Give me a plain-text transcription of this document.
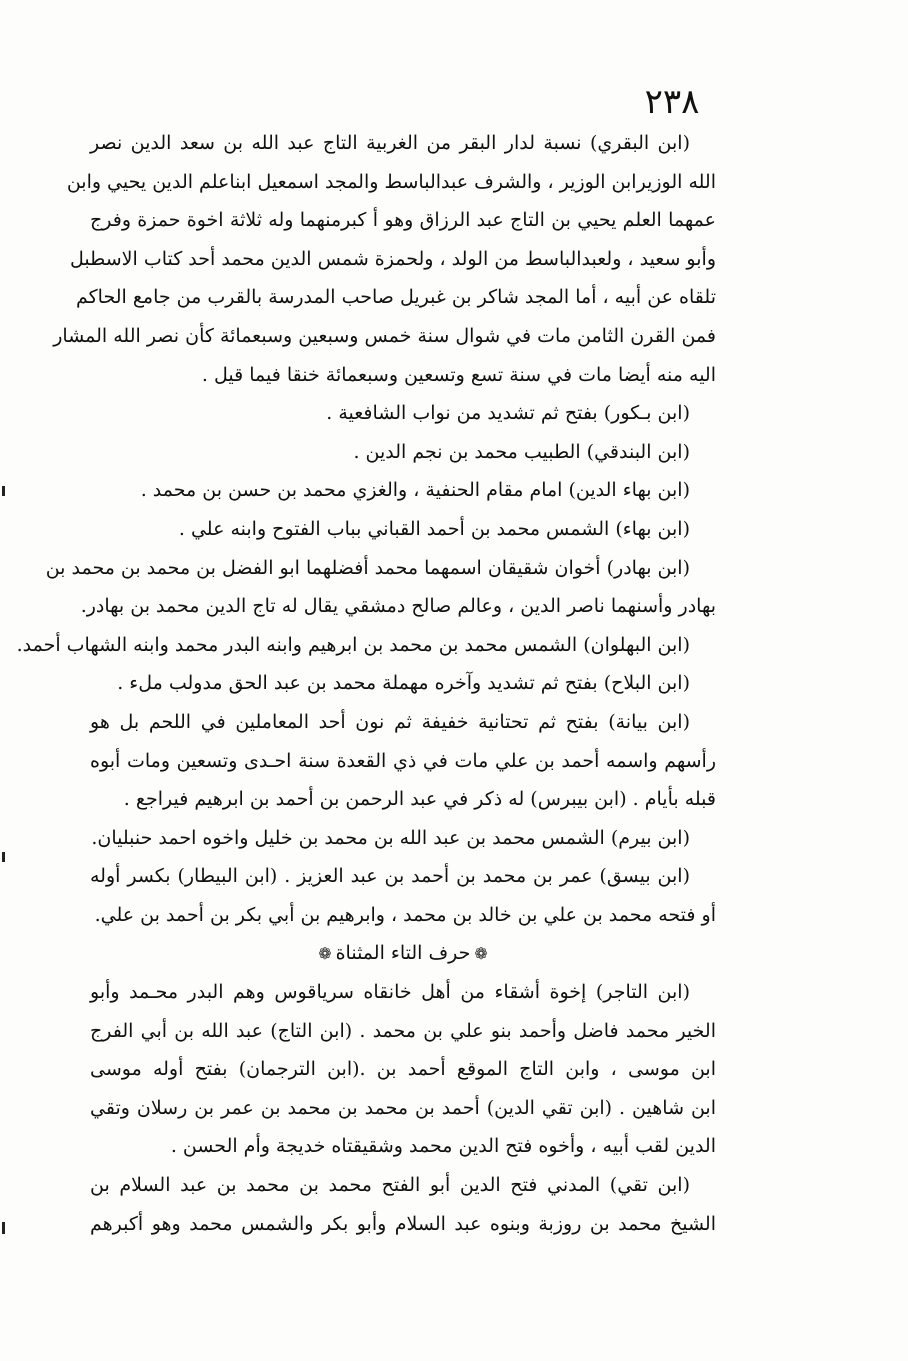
٢٣٨
(ابن البقري) نسبة لدار البقر من الغربية التاج عبد الله بن سعد الدين نصر
الله الوزيرابن الوزير ، والشرف عبدالباسط والمجد اسمعيل ابناعلم الدين يحيي وابن
عمهما العلم يحيي بن التاج عبد الرزاق وهو أ كبرمنهما وله ثلاثة اخوة حمزة وفرج
وأبو سعيد ، ولعبدالباسط من الولد ، ولحمزة شمس الدين محمد أحد كتاب الاسطبل
تلقاه عن أبيه ، أما المجد شاكر بن غبريل صاحب المدرسة بالقرب من جامع الحاكم
فمن القرن الثامن مات في شوال سنة خمس وسبعين وسبعمائة كأن نصر الله المشار
اليه منه أيضا مات في سنة تسع وتسعين وسبعمائة خنقا فيما قيل .
(ابن بـكور) بفتح ثم تشديد من نواب الشافعية .
(ابن البندقي) الطبيب محمد بن نجم الدين .
(ابن بهاء الدين) امام مقام الحنفية ، والغزي محمد بن حسن بن محمد .
(ابن بهاء) الشمس محمد بن أحمد القباني بباب الفتوح وابنه علي .
(ابن بهادر) أخوان شقيقان اسمهما محمد أفضلهما ابو الفضل بن محمد بن محمد بن
بهادر وأسنهما ناصر الدين ، وعالم صالح دمشقي يقال له تاج الدين محمد بن بهادر.
(ابن البهلوان) الشمس محمد بن محمد بن ابرهيم وابنه البدر محمد وابنه الشهاب أحمد.
(ابن البلاح) بفتح ثم تشديد وآخره مهملة محمد بن عبد الحق مدولب ملء .
(ابن بيانة) بفتح ثم تحتانية خفيفة ثم نون أحد المعاملين في اللحم بل هو
رأسهم واسمه أحمد بن علي مات في ذي القعدة سنة احـدى وتسعين ومات أبوه
قبله بأيام . (ابن بيبرس) له ذكر في عبد الرحمن بن أحمد بن ابرهيم فيراجع .
(ابن بيرم) الشمس محمد بن عبد الله بن محمد بن خليل واخوه احمد حنبليان.
(ابن بيسق) عمر بن محمد بن أحمد بن عبد العزيز . (ابن البيطار) بكسر أوله
أو فتحه محمد بن علي بن خالد بن محمد ، وابرهيم بن أبي بكر بن أحمد بن علي.
❁حرف التاء المثناة❁
(ابن التاجر) إخوة أشقاء من أهل خانقاه سرياقوس وهم البدر محـمد وأبو
الخير محمد فاضل وأحمد بنو علي بن محمد . (ابن التاج) عبد الله بن أبي الفرج
ابن موسى ، وابن التاج الموقع أحمد بن .(ابن الترجمان) بفتح أوله موسى
ابن شاهين . (ابن تقي الدين) أحمد بن محمد بن محمد بن عمر بن رسلان وتقي
الدين لقب أبيه ، وأخوه فتح الدين محمد وشقيقتاه خديجة وأم الحسن .
(ابن تقي) المدني فتح الدين أبو الفتح محمد بن محمد بن عبد السلام بن
الشيخ محمد بن روزبة وبنوه عبد السلام وأبو بكر والشمس محمد وهو أكبرهم
